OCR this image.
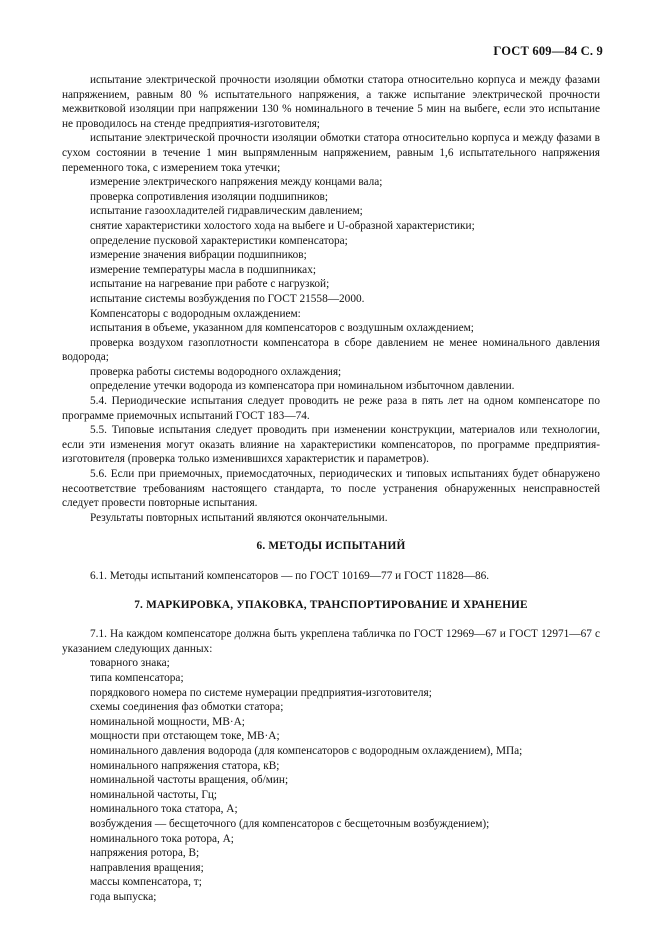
ГОСТ 609—84 С. 9

испытание электрической прочности изоляции обмотки статора относительно корпуса и между фазами напряжением, равным 80 % испытательного напряжения, а также испытание электрической прочности межвитковой изоляции при напряжении 130 % номинального в течение 5 мин на выбеге, если это испытание не проводилось на стенде предприятия-изготовителя;

испытание электрической прочности изоляции обмотки статора относительно корпуса и между фазами в сухом состоянии в течение 1 мин выпрямленным напряжением, равным 1,6 испытательного напряжения переменного тока, с измерением тока утечки;

измерение электрического напряжения между концами вала;

проверка сопротивления изоляции подшипников;

испытание газоохладителей гидравлическим давлением;

снятие характеристики холостого хода на выбеге и U-образной характеристики;

определение пусковой характеристики компенсатора;

измерение значения вибрации подшипников;

измерение температуры масла в подшипниках;

испытание на нагревание при работе с нагрузкой;

испытание системы возбуждения по ГОСТ 21558—2000.

Компенсаторы с водородным охлаждением:

испытания в объеме, указанном для компенсаторов с воздушным охлаждением;

проверка воздухом газоплотности компенсатора в сборе давлением не менее номинального давления водорода;

проверка работы системы водородного охлаждения;

определение утечки водорода из компенсатора при номинальном избыточном давлении.

5.4. Периодические испытания следует проводить не реже раза в пять лет на одном компенсаторе по программе приемочных испытаний ГОСТ 183—74.

5.5. Типовые испытания следует проводить при изменении конструкции, материалов или технологии, если эти изменения могут оказать влияние на характеристики компенсаторов, по программе предприятия-изготовителя (проверка только изменившихся характеристик и параметров).

5.6. Если при приемочных, приемосдаточных, периодических и типовых испытаниях будет обнаружено несоответствие требованиям настоящего стандарта, то после устранения обнаруженных неисправностей следует провести повторные испытания.

Результаты повторных испытаний являются окончательными.

6. МЕТОДЫ ИСПЫТАНИЙ

6.1. Методы испытаний компенсаторов — по ГОСТ 10169—77 и ГОСТ 11828—86.

7. МАРКИРОВКА, УПАКОВКА, ТРАНСПОРТИРОВАНИЕ И ХРАНЕНИЕ

7.1. На каждом компенсаторе должна быть укреплена табличка по ГОСТ 12969—67 и ГОСТ 12971—67 с указанием следующих данных:

товарного знака;

типа компенсатора;

порядкового номера по системе нумерации предприятия-изготовителя;

схемы соединения фаз обмотки статора;

номинальной мощности, МВ·А;

мощности при отстающем токе, МВ·А;

номинального давления водорода (для компенсаторов с водородным охлаждением), МПа;

номинального напряжения статора, кВ;

номинальной частоты вращения, об/мин;

номинальной частоты, Гц;

номинального тока статора, А;

возбуждения — бесщеточного (для компенсаторов с бесщеточным возбуждением);

номинального тока ротора, А;

напряжения ротора, В;

направления вращения;

массы компенсатора, т;

года выпуска;
